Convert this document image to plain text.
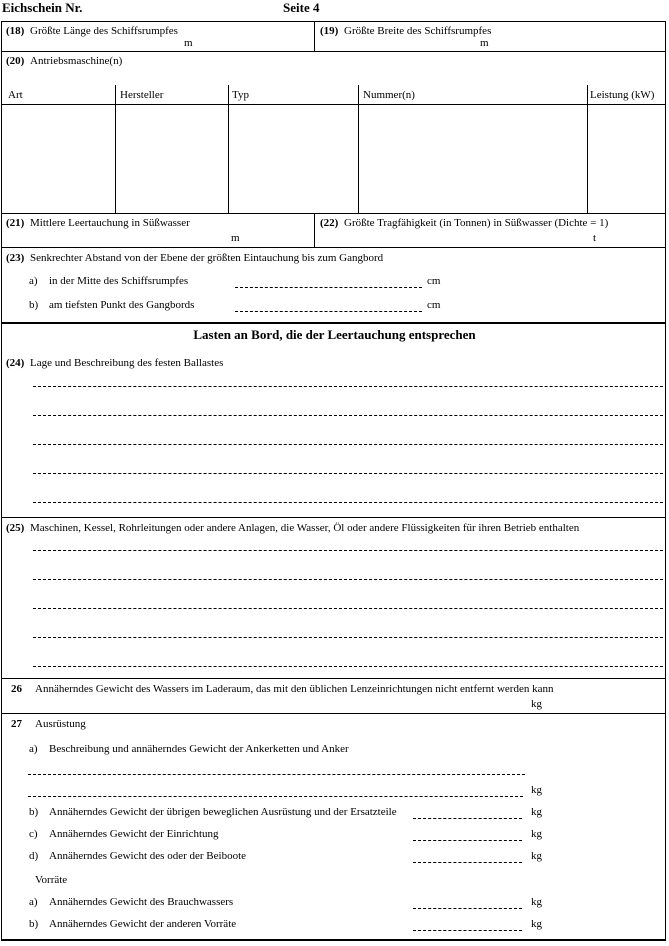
Eichschein Nr.	Seite 4
(18) Größte Länge des Schiffsrumpfes
m
(19) Größte Breite des Schiffsrumpfes
m
(20) Antriebsmaschine(n)
Art	Hersteller	Typ	Nummer(n)	Leistung (kW)
(21) Mittlere Leertauchung in Süßwasser
m
(22) Größte Tragfähigkeit (in Tonnen) in Süßwasser (Dichte = 1)
t
(23) Senkrechter Abstand von der Ebene der größten Eintauchung bis zum Gangbord
a) in der Mitte des Schiffsrumpfes	cm
b) am tiefsten Punkt des Gangbords	cm
Lasten an Bord, die der Leertauchung entsprechen
(24) Lage und Beschreibung des festen Ballastes
(25) Maschinen, Kessel, Rohrleitungen oder andere Anlagen, die Wasser, Öl oder andere Flüssigkeiten für ihren Betrieb enthalten
26 Annäherndes Gewicht des Wassers im Laderaum, das mit den üblichen Lenzeinrichtungen nicht entfernt werden kann
kg
27 Ausrüstung
a) Beschreibung und annäherndes Gewicht der Ankerketten und Anker
kg
b) Annäherndes Gewicht der übrigen beweglichen Ausrüstung und der Ersatzteile	kg
c) Annäherndes Gewicht der Einrichtung	kg
d) Annäherndes Gewicht des oder der Beiboote	kg
Vorräte
a) Annäherndes Gewicht des Brauchwassers	kg
b) Annäherndes Gewicht der anderen Vorräte	kg
